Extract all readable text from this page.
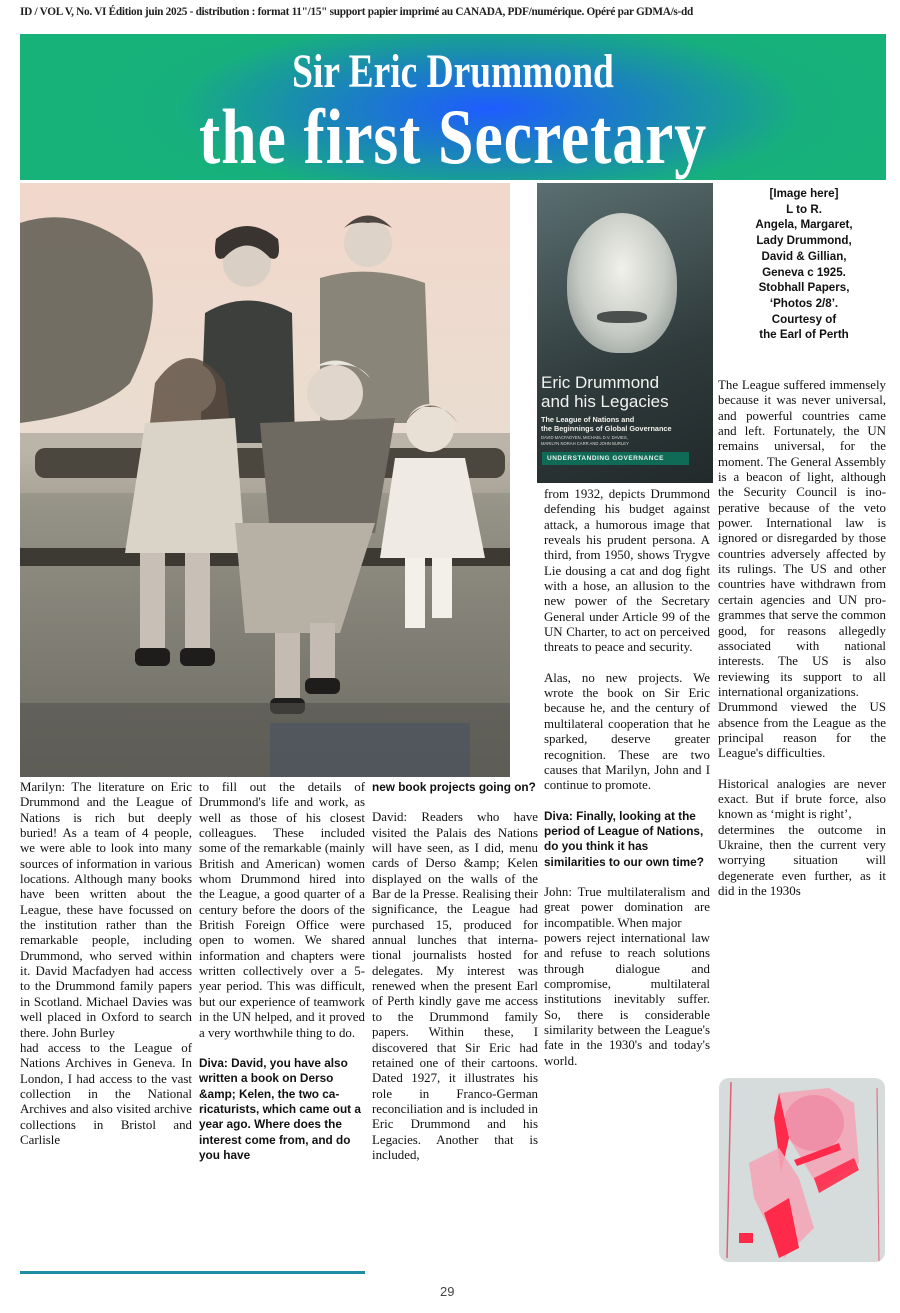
ID / VOL V, No. VI Édition juin 2025 - distribution : format 11"/15" support papier imprimé au CANADA, PDF/numérique. Opéré par GDMA/s-dd
Sir Eric Drummond
the first Secretary
Eric Drummond
and his Legacies
The League of Nations and
the Beginnings of Global Governance
DAVID MACFADYEN, MICHAEL D.V. DAVIES,
MARILYN NORAH CARR AND JOHN BURLEY
UNDERSTANDING GOVERNANCE
[Image here]
L to R.
Angela, Margaret,
Lady Drummond,
David & Gillian,
Geneva c 1925.
Stobhall Papers,
‘Photos 2/8’.
Courtesy of
the Earl of Perth

Marilyn: The literature on Eric Drummond and the League of Nations is rich but deeply buried! As a team of 4 people, we were able to look into many sources of information in various locations. Although many books have been written about the League, these have focussed on the institution rather than the remarkable people, including Drummond, who served within it. David Macfadyen had access to the Drummond family papers in Scotland. Michael Davies was well placed in Oxford to search there. John Burley

had access to the League of Nations Archives in Geneva. In London, I had access to the vast collection in the National Archives and also visited archive collections in Bristol and Carlisle

to fill out the details of Drummond's life and work, as well as those of his closest colleagues. These included some of the remarkable (mainly British and American) women whom Drummond hired into the League, a good quarter of a century before the doors of the British Foreign Office were open to women. We shared information and chapters were written collectively over a 5-year period. This was difficult, but our experience of teamwork in the UN helped, and it proved a very worthwhile thing to do.

Diva: David, you have also written a book on Derso &amp; Kelen, the two caricaturists, which came out a year ago. Where does the interest come from, and do you have

new book projects going on?

David: Readers who have visited the Palais des Nations will have seen, as I did, menu cards of Derso &amp; Kelen displayed on the walls of the Bar de la Presse. Realising their significance, the League had purchased 15, produced for annual lunches that international journalists hosted for delegates. My interest was renewed when the present Earl of Perth kindly gave me access to the Drummond family papers. Within these, I discovered that Sir Eric had retained one of their cartoons. Dated 1927, it illustrates his role in Franco-German reconciliation and is included in Eric Drummond and his Legacies. Another that is included,

from 1932, depicts Drummond defending his budget against attack, a humorous image that reveals his prudent persona. A third, from 1950, shows Trygve Lie dousing a cat and dog fight with a hose, an allusion to the new power of the Secretary General under Article 99 of the UN Charter, to act on perceived threats to peace and security.

Alas, no new projects. We wrote the book on Sir Eric because he, and the century of multilateral cooperation that he sparked, deserve greater recognition. These are two causes that Marilyn, John and I continue to promote.

Diva: Finally, looking at the period of League of Nations, do you think it has similarities to our own time?

John: True multilateralism and great power domination are incompatible. When major

powers reject international law and refuse to reach solutions through dialogue and compromise, multilateral institutions inevitably suffer. So, there is considerable similarity between the League's fate in the 1930's and today's world.

The League suffered immensely because it was never universal, and powerful countries came and left. Fortunately, the UN remains universal, for the moment. The General Assembly is a beacon of light, although the Security Council is inoperative because of the veto power. International law is ignored or disregarded by those countries adversely affected by its rulings. The US and other countries have withdrawn from certain agencies and UN programmes that serve the common good, for reasons allegedly associated with national interests. The US is also reviewing its support to all international organizations.

Drummond viewed the US absence from the League as the principal reason for the League's difficulties.

Historical analogies are never exact. But if brute force, also known as ‘might is right’,

determines the outcome in Ukraine, then the current very worrying situation will degenerate even further, as it did in the 1930s

29
